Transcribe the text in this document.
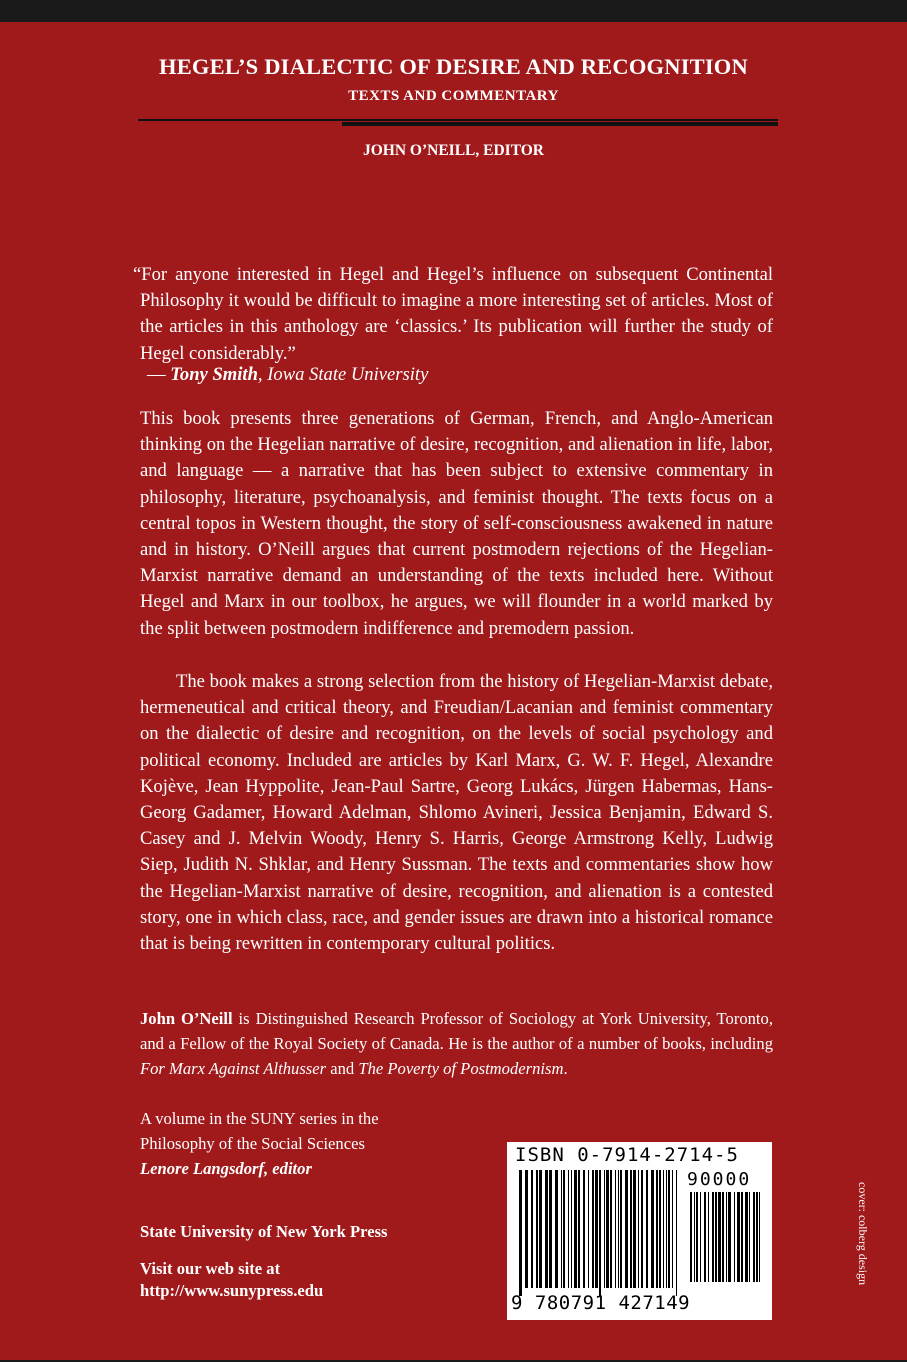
HEGEL’S DIALECTIC OF DESIRE AND RECOGNITION
TEXTS AND COMMENTARY
JOHN O’NEILL, EDITOR

“For anyone interested in Hegel and Hegel’s influence on subsequent Continental Philosophy it would be difficult to imagine a more interesting set of articles. Most of the articles in this anthology are ‘classics.’ Its publication will further the study of Hegel considerably.”

— Tony Smith, Iowa State University

This book presents three generations of German, French, and Anglo-American thinking on the Hegelian narrative of desire, recognition, and alienation in life, labor, and language — a narrative that has been subject to extensive commentary in philosophy, literature, psychoanalysis, and feminist thought. The texts focus on a central topos in Western thought, the story of self-consciousness awakened in nature and in history. O’Neill argues that current postmodern rejections of the Hegelian-Marxist narrative demand an understanding of the texts included here. Without Hegel and Marx in our toolbox, he argues, we will flounder in a world marked by the split between postmodern indifference and premodern passion.

The book makes a strong selection from the history of Hegelian-Marxist debate, hermeneutical and critical theory, and Freudian/Lacanian and feminist commentary on the dialectic of desire and recognition, on the levels of social psychology and political economy. Included are articles by Karl Marx, G. W. F. Hegel, Alexandre Kojève, Jean Hyppolite, Jean-Paul Sartre, Georg Lukács, Jürgen Habermas, Hans-Georg Gadamer, Howard Adelman, Shlomo Avineri, Jessica Benjamin, Edward S. Casey and J. Melvin Woody, Henry S. Harris, George Armstrong Kelly, Ludwig Siep, Judith N. Shklar, and Henry Sussman. The texts and commentaries show how the Hegelian-Marxist narrative of desire, recognition, and alienation is a contested story, one in which class, race, and gender issues are drawn into a historical romance that is being rewritten in contemporary cultural politics.

John O’Neill is Distinguished Research Professor of Sociology at York University, Toronto, and a Fellow of the Royal Society of Canada. He is the author of a number of books, including For Marx Against Althusser and The Poverty of Postmodernism.

A volume in the SUNY series in the
Philosophy of the Social Sciences
Lenore Langsdorf, editor
State University of New York Press
Visit our web site at
http://www.sunypress.edu
ISBN 0-7914-2714-5
90000
9 780791 427149
cover: colberg design
